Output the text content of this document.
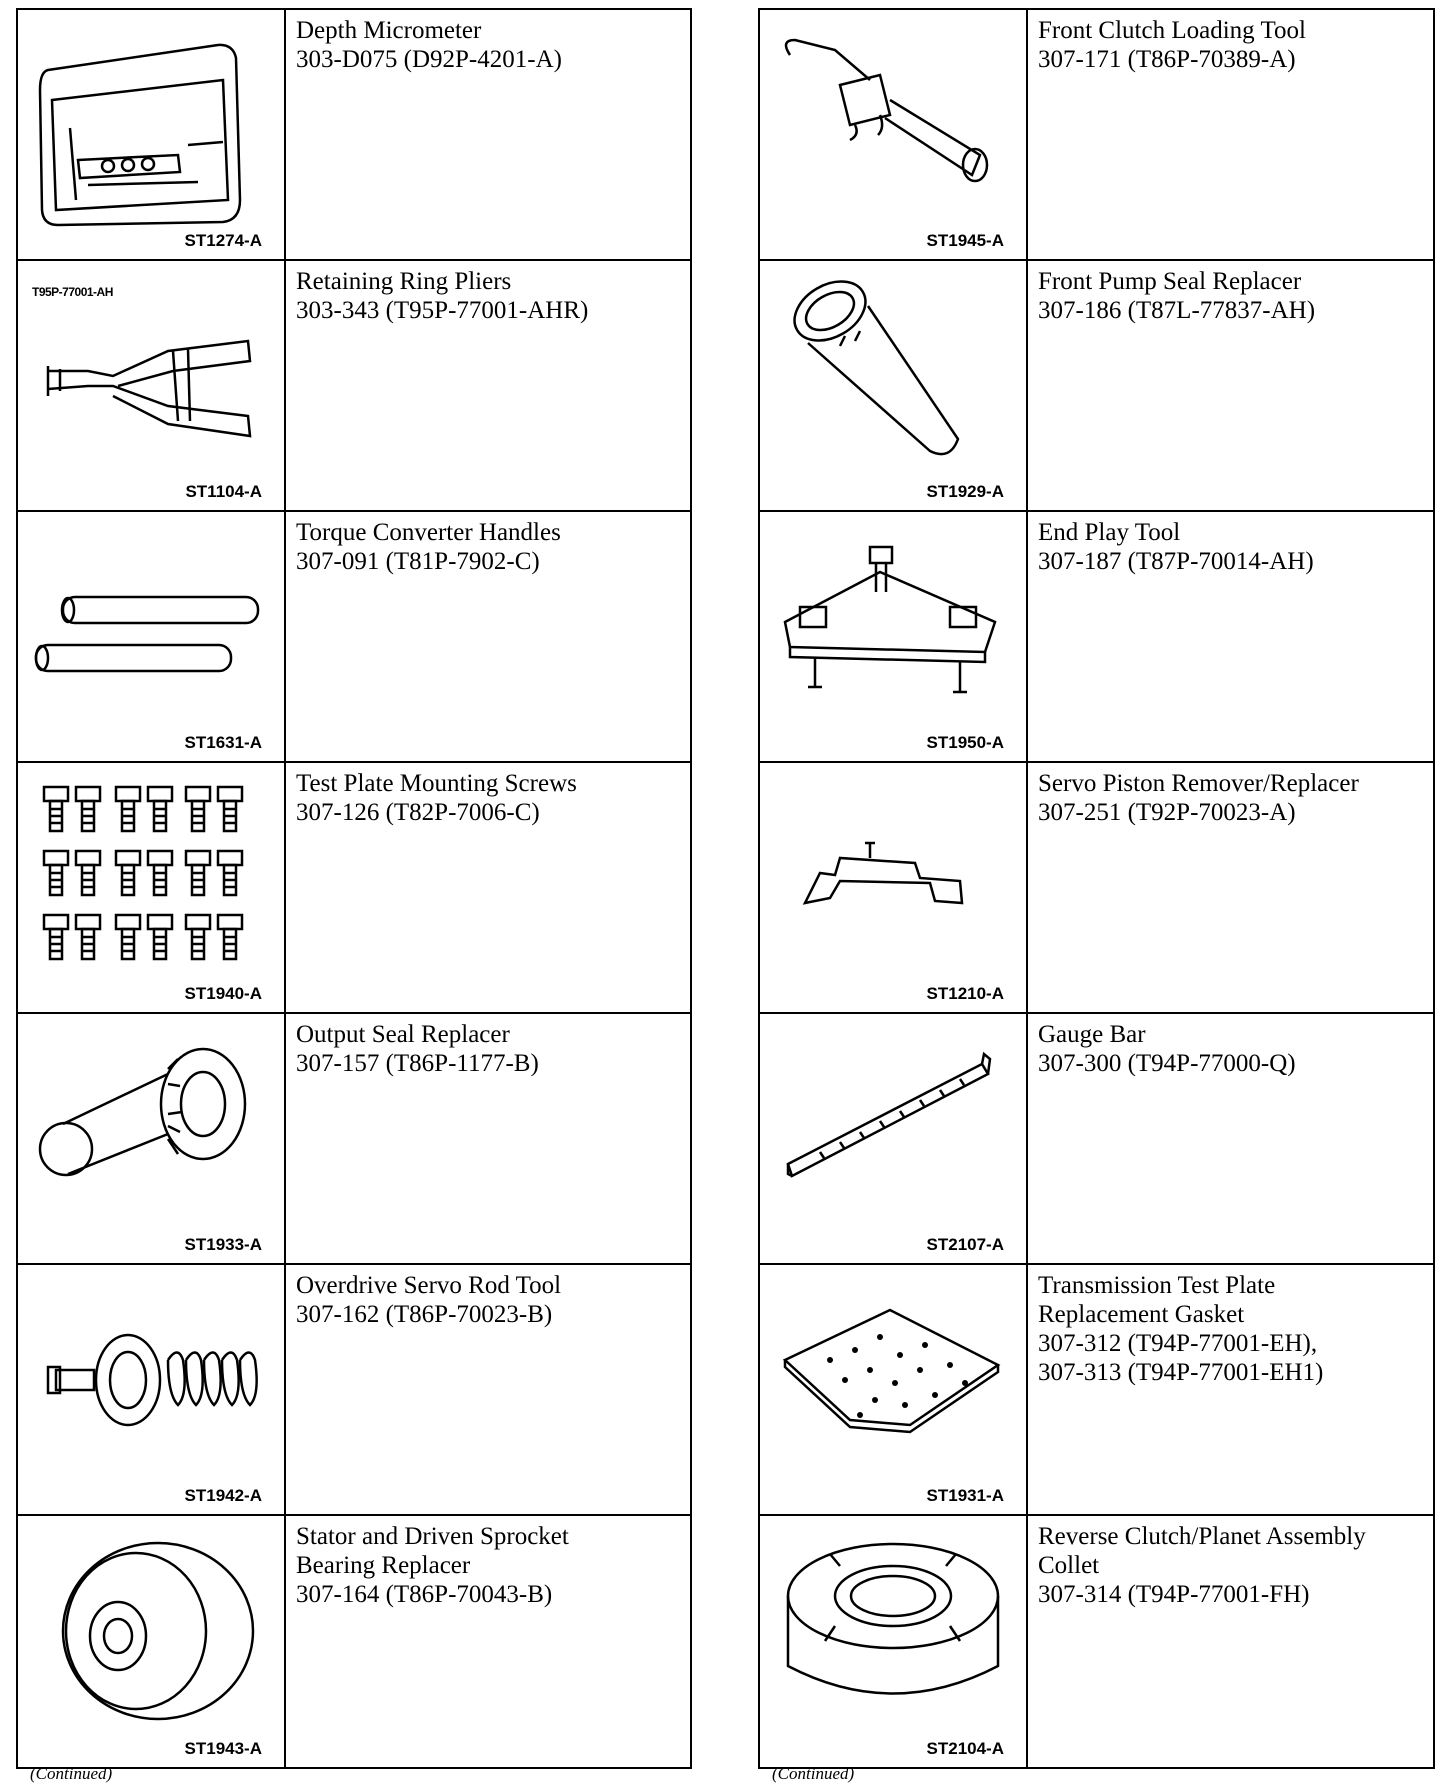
ST1274-A
Depth Micrometer
303-D075 (D92P-4201-A)
T95P-77001-AH
ST1104-A
Retaining Ring Pliers
303-343 (T95P-77001-AHR)
ST1631-A
Torque Converter Handles
307-091 (T81P-7902-C)
ST1940-A
Test Plate Mounting Screws
307-126 (T82P-7006-C)
ST1933-A
Output Seal Replacer
307-157 (T86P-1177-B)
ST1942-A
Overdrive Servo Rod Tool
307-162 (T86P-70023-B)
ST1943-A
Stator and Driven Sprocket
Bearing Replacer
307-164 (T86P-70043-B)
ST1945-A
Front Clutch Loading Tool
307-171 (T86P-70389-A)
ST1929-A
Front Pump Seal Replacer
307-186 (T87L-77837-AH)
ST1950-A
End Play Tool
307-187 (T87P-70014-AH)
ST1210-A
Servo Piston Remover/Replacer
307-251 (T92P-70023-A)
ST2107-A
Gauge Bar
307-300 (T94P-77000-Q)
ST1931-A
Transmission Test Plate
Replacement Gasket
307-312 (T94P-77001-EH),
307-313 (T94P-77001-EH1)
ST2104-A
Reverse Clutch/Planet Assembly
Collet
307-314 (T94P-77001-FH)
(Continued)	(Continued)
